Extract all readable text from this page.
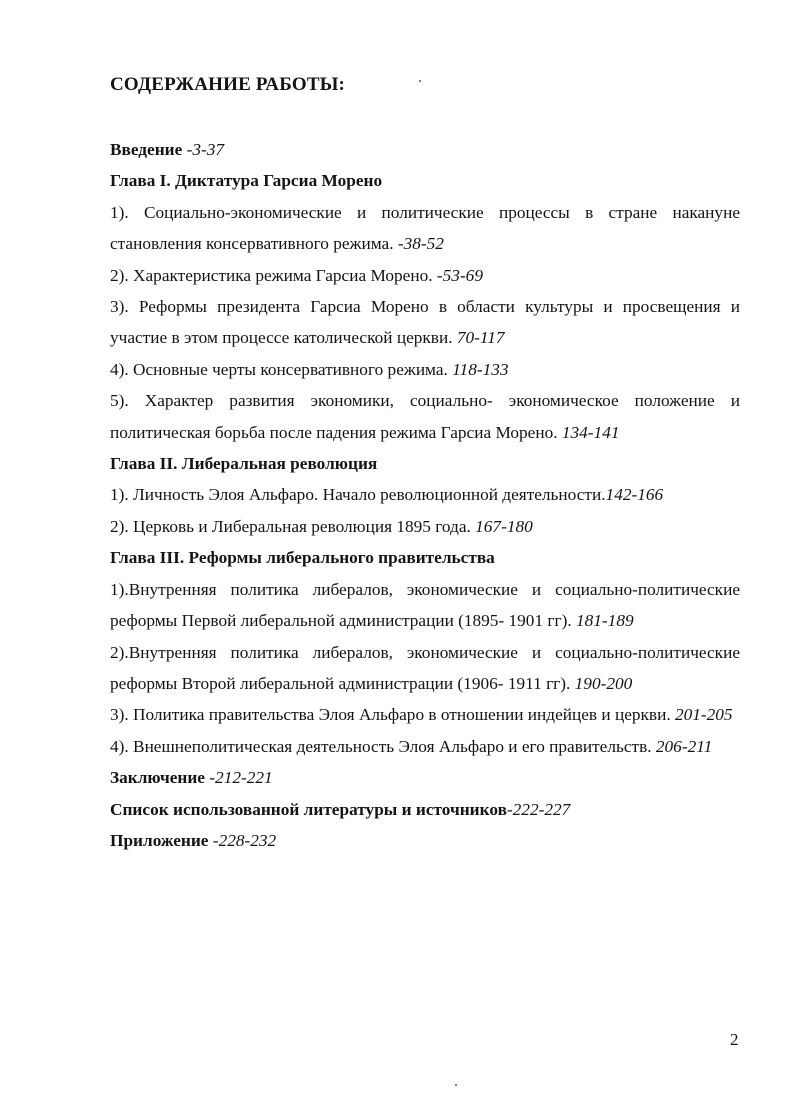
СОДЕРЖАНИЕ РАБОТЫ:

Введение -3-37

Глава I. Диктатура Гарсиа Морено

1). Социально-экономические и политические процессы в стране накануне становления консервативного режима. -38-52

2). Характеристика режима Гарсиа Морено. -53-69

3). Реформы президента Гарсиа Морено в области культуры и просвещения и участие в этом процессе католической церкви. 70-117

4). Основные черты консервативного режима. 118-133

5). Характер развития экономики, социально- экономическое положение и политическая борьба после падения режима Гарсиа Морено. 134-141

Глава II. Либеральная революция

1). Личность Элоя Альфаро. Начало революционной деятельности.142-166

2). Церковь и Либеральная революция 1895 года. 167-180

Глава III. Реформы либерального правительства

1).Внутренняя политика либералов, экономические и социально-политические реформы Первой либеральной администрации (1895- 1901 гг). 181-189

2).Внутренняя политика либералов, экономические и социально-политические реформы Второй либеральной администрации (1906- 1911 гг). 190-200

3). Политика правительства Элоя Альфаро в отношении индейцев и церкви. 201-205

4). Внешнеполитическая деятельность Элоя Альфаро и его правительств. 206-211

Заключение -212-221

Список использованной литературы и источников-222-227

Приложение -228-232

2
